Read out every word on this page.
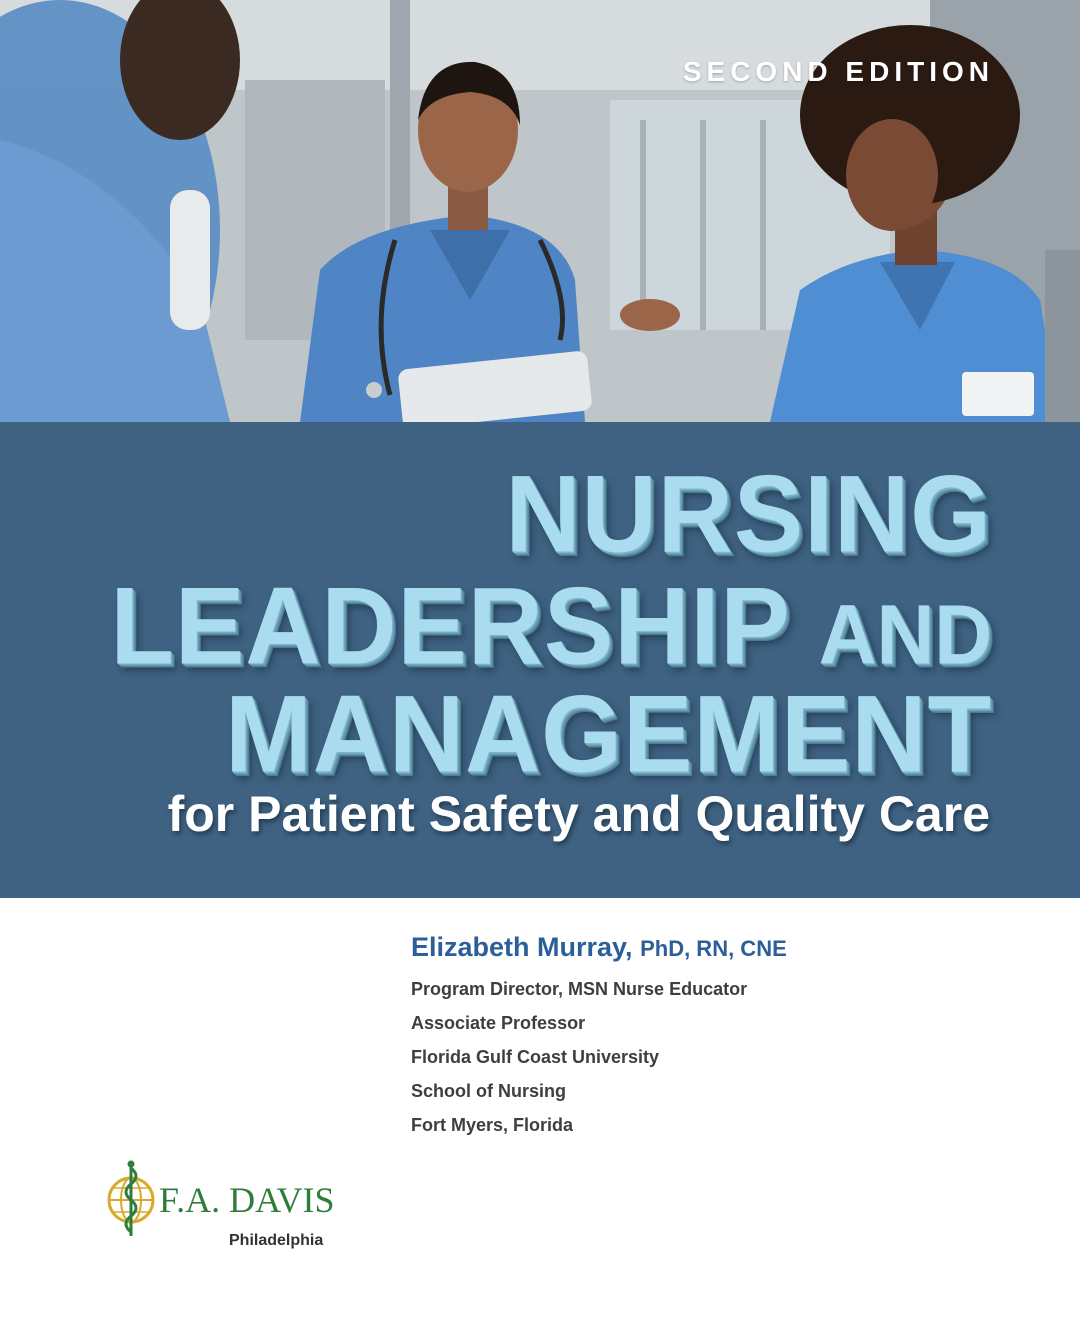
SECOND EDITION
NURSING
LEADERSHIP AND
MANAGEMENT
for Patient Safety and Quality Care
Elizabeth Murray, PhD, RN, CNE
Program Director, MSN Nurse Educator
Associate Professor
Florida Gulf Coast University
School of Nursing
Fort Myers, Florida
F.A. DAVIS
Philadelphia
